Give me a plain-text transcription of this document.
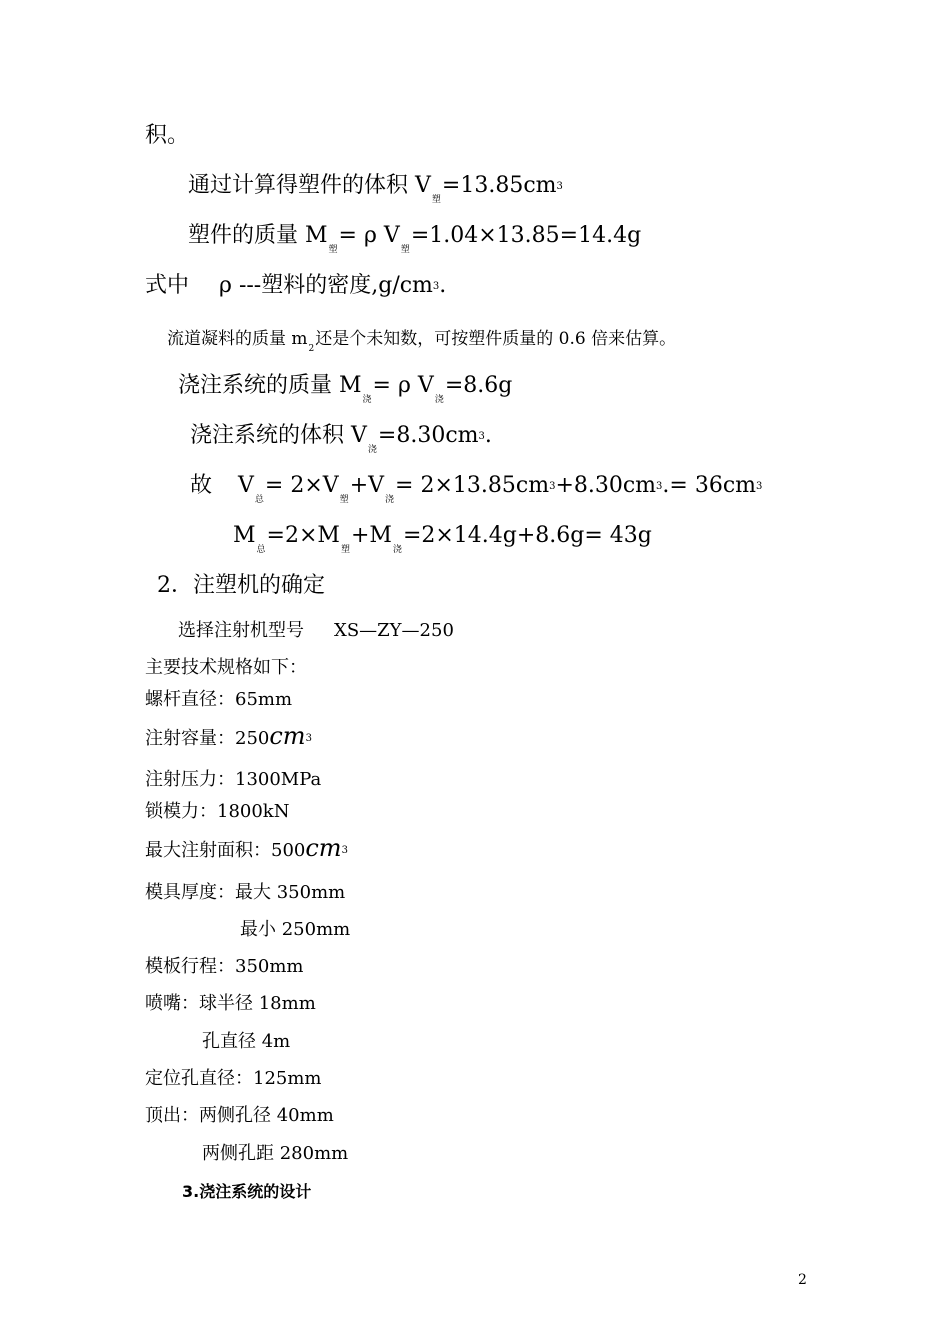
积。
通过计算得塑件的体积 $V_塑=13.85cm3$
塑件的质量 $M_塑= \rho$ $V_塑=1.04\times 13.85=14.4g$
式中 ρ ---塑料的密度,g/cm3.
流道凝料的质量 $m_2$还是个未知数，可按塑件质量的 0.6 倍来估算。
浇注系统的质量 $M_浇= \rho$ $V_浇=8.6g$
浇注系统的体积 $V_浇=8.30cm3$.
故 $V_总= 2\times V_塑+V_浇= 2\times 13.85cm3+8.30cm3.= 36cm3$
$M_总=2\times M_塑+M_浇=2\times 14.4g+8.6g= 43g$
2．注塑机的确定
选择注射机型号 XS—ZY—250
主要技术规格如下：
螺杆直径：65mm
注射容量：250cm3
注射压力：1300MPa
锁模力：1800kN
最大注射面积：500cm3
模具厚度：最大 350mm
最小 250mm
模板行程：350mm
喷嘴：球半径 18mm
孔直径 4m
定位孔直径：125mm
顶出：两侧孔径 40mm
两侧孔距 280mm
3.浇注系统的设计
2
